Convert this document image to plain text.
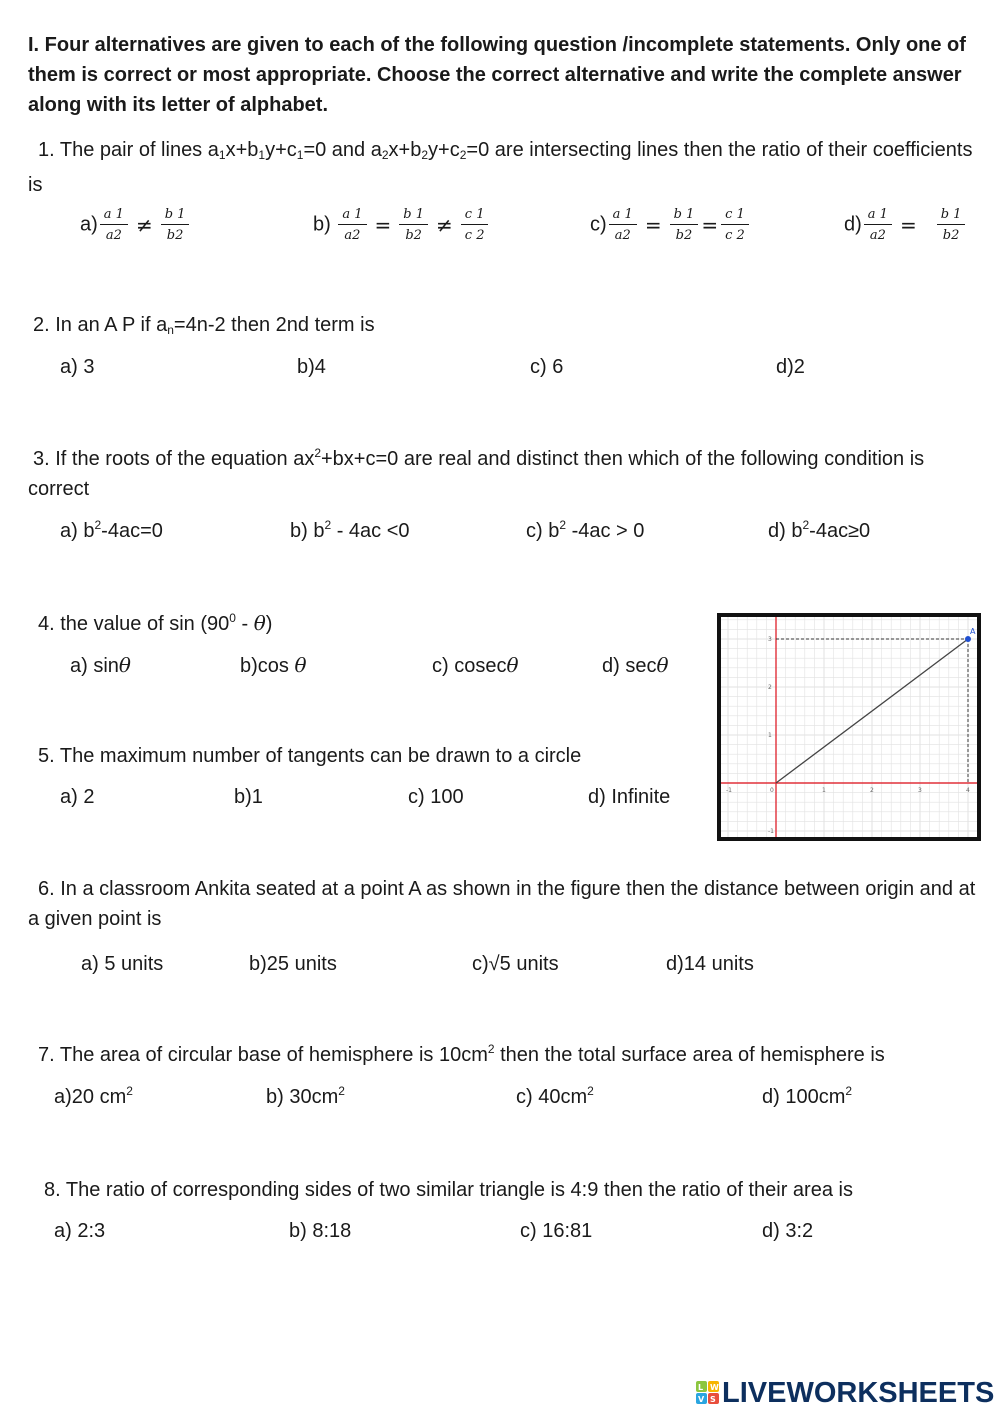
I. Four alternatives are given to each of the following question /incomplete statements. Only one of them is correct or most appropriate. Choose the correct alternative and write the complete answer along with its letter of alphabet.
1. The pair of lines $a_1x+b_1y+c_1=0$ and $a_2x+b_2y+c_2=0$ are intersecting lines then the ratio of their coefficients is
$a) \frac{a 1}{a2} \ne \frac{b 1}{b2}$	$b) \frac{a 1}{a2} = \frac{b 1}{b2} \ne \frac{c 1}{c 2}$	$c) \frac{a 1}{a2} = \frac{b 1}{b2} = \frac{c 1}{c 2}$	$d) \frac{a 1}{a2} = \frac{b 1}{b2}$
2. In an A P if $a_n=4n-2$ then 2nd term is
a) 3	b)4	c) 6	d)2
3. If the roots of the equation $ax^2+bx+c=0$ are real and distinct then which of the following condition is correct
a) $b^2-4ac=0$	b) $b^2 - 4ac <0$	c) $b^2$ -4ac > 0	d) $b^2-4ac\ge 0$
4. the value of $\sin (90^0 - \theta)$
a) sinθ	b)cos θ	c) cosecθ	d) secθ
5. The maximum number of tangents can be drawn to a circle
a) 2	b)1	c) 100	d) Infinite	-1	0	1	2	3	4
3
2
1
-1
A
6. In a classroom Ankita seated at a point A as shown in the figure then the distance between origin and at a given point is
a) 5 units	b)25 units	c)√5 units	d)14 units
7. The area of circular base of hemisphere is $10cm^2$ then the total surface area of hemisphere is
a)20 $cm^2$	b) $30cm^2$	c) $40cm^2$	d) $100cm^2$
8. The ratio of corresponding sides of two similar triangle is 4:9 then the ratio of their area is
a) 2:3	b) 8:18	c) 16:81	d) 3:2
L W
V S LIVEWORKSHEETS
